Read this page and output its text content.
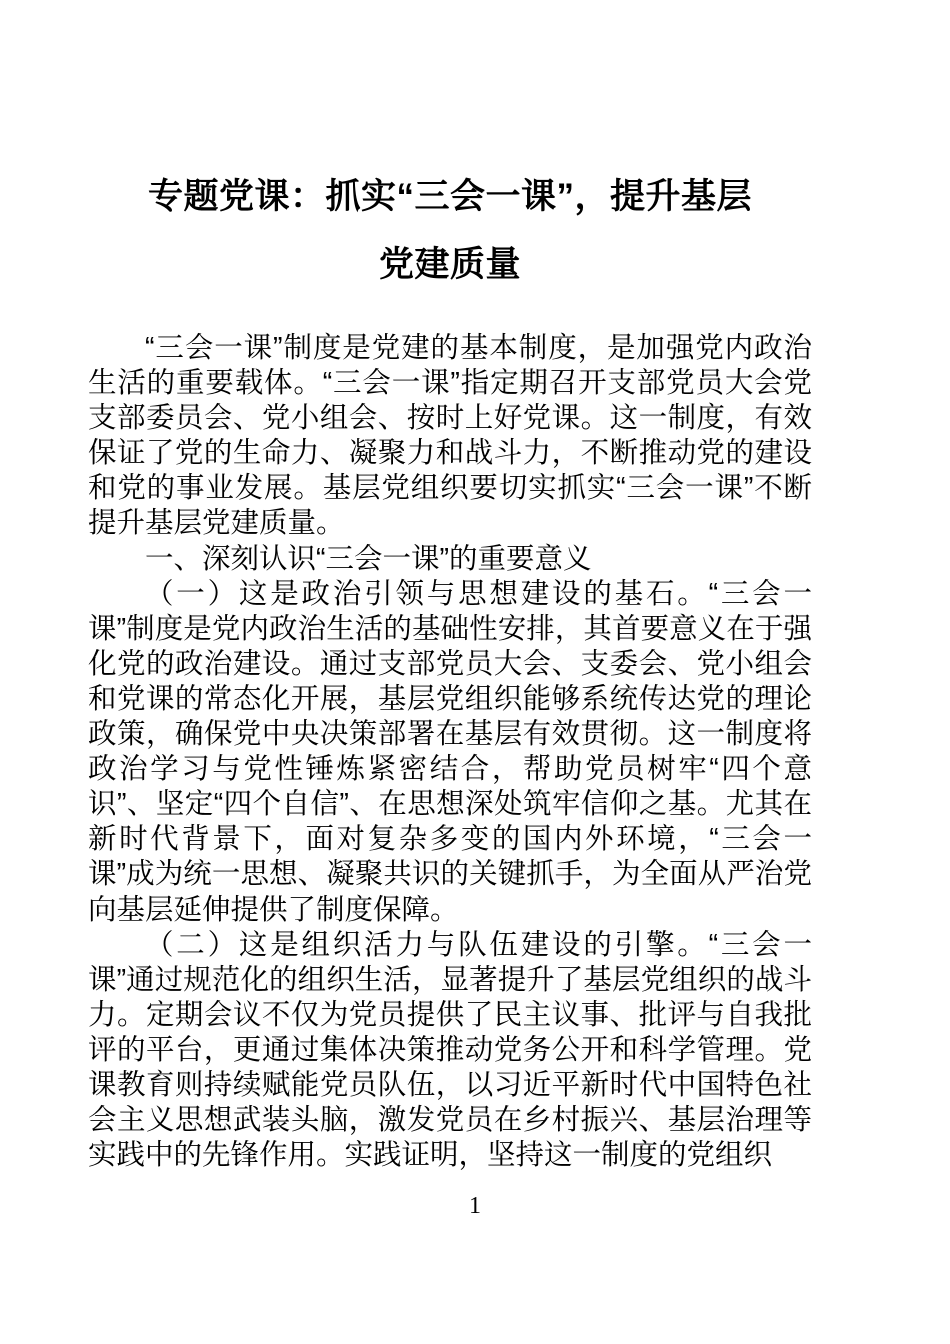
专题党课：抓实“三会一课”，提升基层
党建质量

“三会一课”制度是党建的基本制度，是加强党内政治生活的重要载体。“三会一课”指定期召开支部党员大会党支部委员会、党小组会、按时上好党课。这一制度，有效保证了党的生命力、凝聚力和战斗力，不断推动党的建设和党的事业发展。基层党组织要切实抓实“三会一课”不断提升基层党建质量。

一、深刻认识“三会一课”的重要意义

（一）这是政治引领与思想建设的基石。“三会一课”制度是党内政治生活的基础性安排，其首要意义在于强化党的政治建设。通过支部党员大会、支委会、党小组会和党课的常态化开展，基层党组织能够系统传达党的理论政策，确保党中央决策部署在基层有效贯彻。这一制度将政治学习与党性锤炼紧密结合，帮助党员树牢“四个意识”、坚定“四个自信”、在思想深处筑牢信仰之基。尤其在新时代背景下，面对复杂多变的国内外环境，“三会一课”成为统一思想、凝聚共识的关键抓手，为全面从严治党向基层延伸提供了制度保障。

（二）这是组织活力与队伍建设的引擎。“三会一课”通过规范化的组织生活，显著提升了基层党组织的战斗力。定期会议不仅为党员提供了民主议事、批评与自我批评的平台，更通过集体决策推动党务公开和科学管理。党课教育则持续赋能党员队伍，以习近平新时代中国特色社会主义思想武装头脑，激发党员在乡村振兴、基层治理等实践中的先锋作用。实践证明，坚持这一制度的党组织

1
